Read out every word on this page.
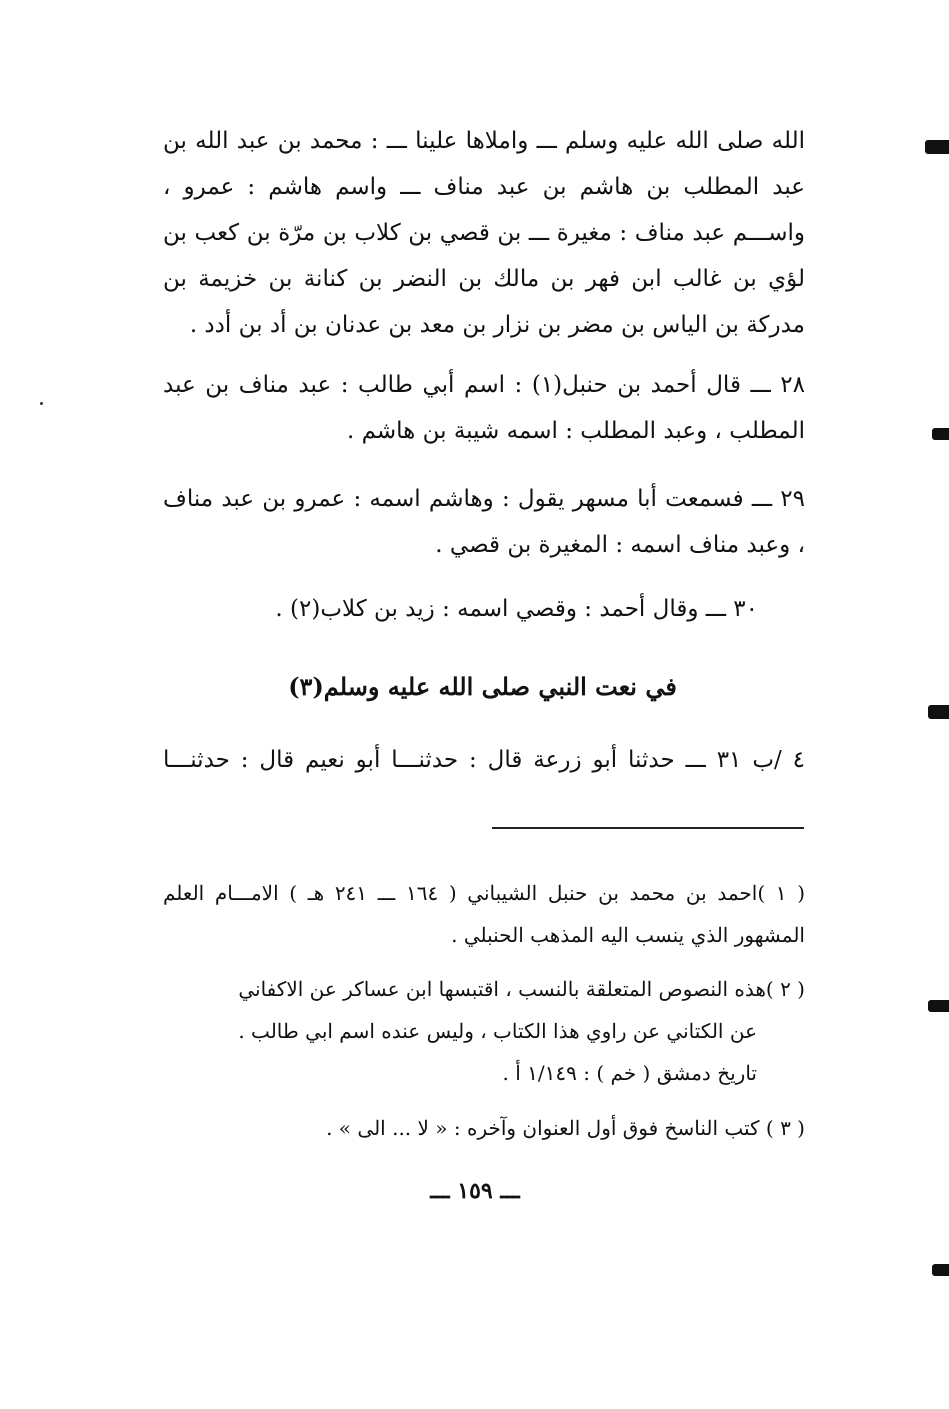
الله صلى الله عليه وسلم ـــ واملاها علينا ـــ : محمد بن عبد الله بن عبد المطلب بن هاشم بن عبد مناف ـــ واسم هاشم : عمرو ، واســـم عبد مناف : مغيرة ـــ بن قصي بن كلاب بن مرّة بن كعب بن لؤي بن غالب ابن فهر بن مالك بن النضر بن كنانة بن خزيمة بن مدركة بن الياس بن مضر بن نزار بن معد بن عدنان بن أد بن أدد .

٢٨ ـــ قال أحمد بن حنبل(١) : اسم أبي طالب : عبد مناف بن عبد المطلب ، وعبد المطلب : اسمه شيبة بن هاشم .

٢٩ ـــ فسمعت أبا مسهر يقول : وهاشم اسمه : عمرو بن عبد مناف ، وعبد مناف اسمه : المغيرة بن قصي .

٣٠ ـــ وقال أحمد : وقصي اسمه : زيد بن كلاب(٢) .

في نعت النبي صلى الله عليه وسلم(٣)

٤ /ب ٣١ ـــ حدثنا أبو زرعة قال : حدثنـــا أبو نعيم قال : حدثنـــا

( ١ )احمد بن محمد بن حنبل الشيباني ( ١٦٤ ـــ ٢٤١ هـ ) الامـــام العلم المشهور الذي ينسب اليه المذهب الحنبلي .

( ٢ )هذه النصوص المتعلقة بالنسب ، اقتبسها ابن عساكر عن الاكفاني
عن الكتاني عن راوي هذا الكتاب ، وليس عنده اسم ابي طالب .
تاريخ دمشق ( خم ) : ١/١٤٩ أ .
( ٣ ) كتب الناسخ فوق أول العنوان وآخره : « لا ... الى » .
ـــ ١٥٩ ـــ
